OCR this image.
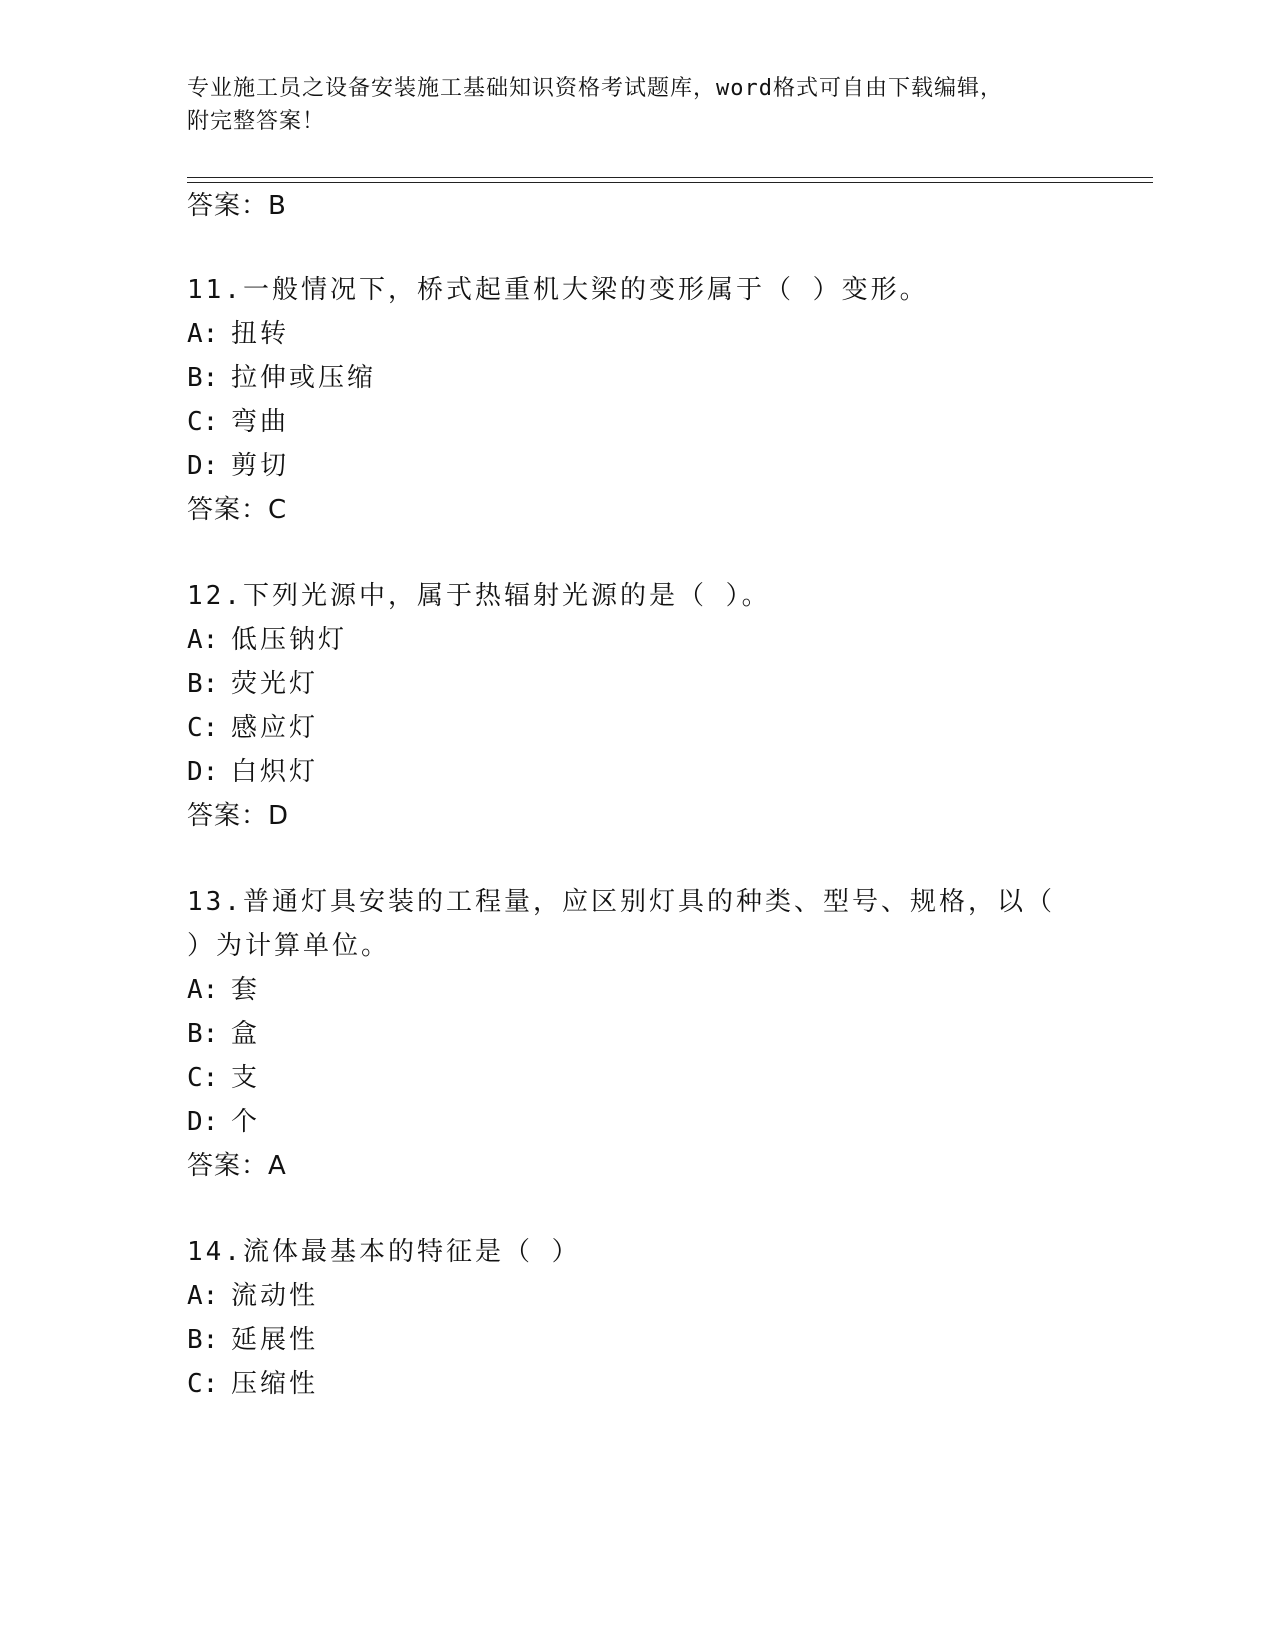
专业施工员之设备安装施工基础知识资格考试题库，word格式可自由下载编辑，
附完整答案！
答案：B
11.一般情况下，桥式起重机大梁的变形属于（ ）变形。
A: 扭转
B: 拉伸或压缩
C: 弯曲
D: 剪切
答案：C
12.下列光源中，属于热辐射光源的是（ ）。
A: 低压钠灯
B: 荧光灯
C: 感应灯
D: 白炽灯
答案：D
13.普通灯具安装的工程量，应区别灯具的种类、型号、规格，以（
）为计算单位。
A: 套
B: 盒
C: 支
D: 个
答案：A
14.流体最基本的特征是（ ）
A: 流动性
B: 延展性
C: 压缩性
